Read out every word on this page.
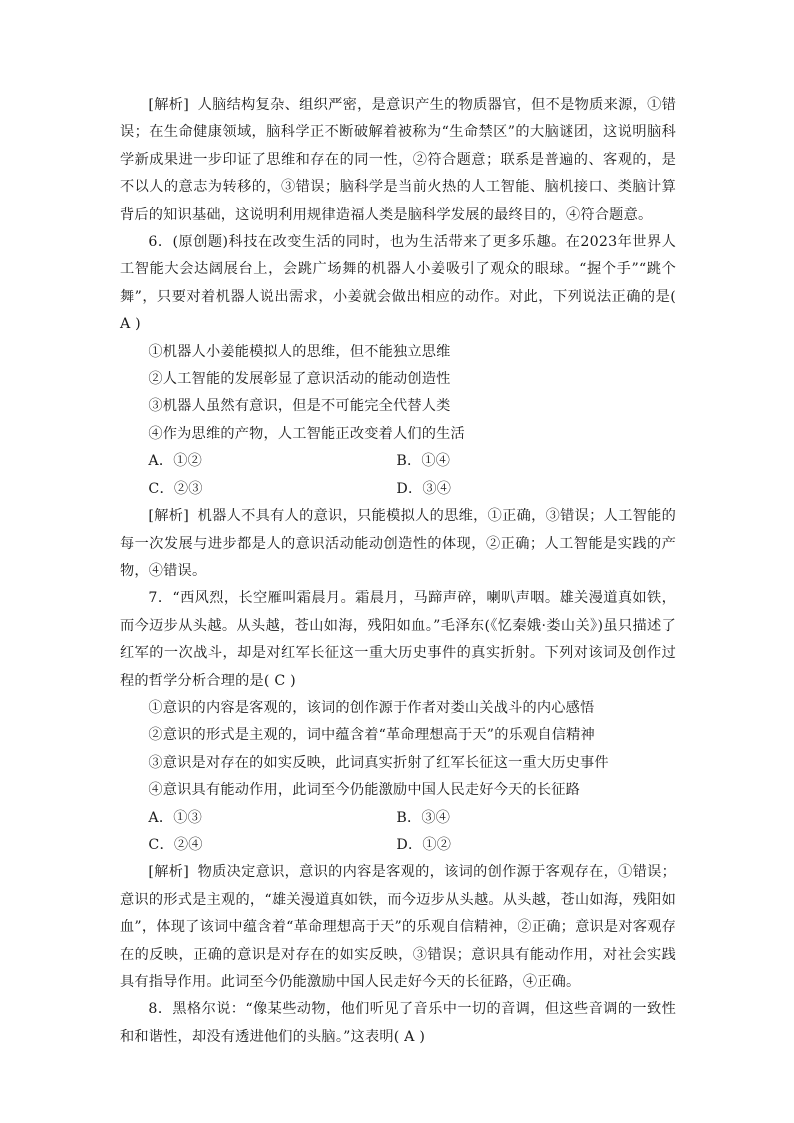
[解析] 人脑结构复杂、组织严密，是意识产生的物质器官，但不是物质来源，①错误；在生命健康领域，脑科学正不断破解着被称为“生命禁区”的大脑谜团，这说明脑科学新成果进一步印证了思维和存在的同一性，②符合题意；联系是普遍的、客观的，是不以人的意志为转移的，③错误；脑科学是当前火热的人工智能、脑机接口、类脑计算背后的知识基础，这说明利用规律造福人类是脑科学发展的最终目的，④符合题意。

6．(原创题)科技在改变生活的同时，也为生活带来了更多乐趣。在2023年世界人工智能大会达阔展台上，会跳广场舞的机器人小姜吸引了观众的眼球。“握个手”“跳个舞”，只要对着机器人说出需求，小姜就会做出相应的动作。对此，下列说法正确的是( A )

①机器人小姜能模拟人的思维，但不能独立思维

②人工智能的发展彰显了意识活动的能动创造性

③机器人虽然有意识，但是不可能完全代替人类

④作为思维的产物，人工智能正改变着人们的生活

A．①②	B．①④
C．②③	D．③④

[解析] 机器人不具有人的意识，只能模拟人的思维，①正确，③错误；人工智能的每一次发展与进步都是人的意识活动能动创造性的体现，②正确；人工智能是实践的产物，④错误。

7．“西风烈，长空雁叫霜晨月。霜晨月，马蹄声碎，喇叭声咽。雄关漫道真如铁，而今迈步从头越。从头越，苍山如海，残阳如血。”毛泽东(《忆秦娥·娄山关》)虽只描述了红军的一次战斗，却是对红军长征这一重大历史事件的真实折射。下列对该词及创作过程的哲学分析合理的是( C )

①意识的内容是客观的，该词的创作源于作者对娄山关战斗的内心感悟

②意识的形式是主观的，词中蕴含着“革命理想高于天”的乐观自信精神

③意识是对存在的如实反映，此词真实折射了红军长征这一重大历史事件

④意识具有能动作用，此词至今仍能激励中国人民走好今天的长征路

A．①③	B．③④
C．②④	D．①②

[解析] 物质决定意识，意识的内容是客观的，该词的创作源于客观存在，①错误；意识的形式是主观的，“雄关漫道真如铁，而今迈步从头越。从头越，苍山如海，残阳如血”，体现了该词中蕴含着“革命理想高于天”的乐观自信精神，②正确；意识是对客观存在的反映，正确的意识是对存在的如实反映，③错误；意识具有能动作用，对社会实践具有指导作用。此词至今仍能激励中国人民走好今天的长征路，④正确。

8．黑格尔说：“像某些动物，他们听见了音乐中一切的音调，但这些音调的一致性和和谐性，却没有透进他们的头脑。”这表明( A )
